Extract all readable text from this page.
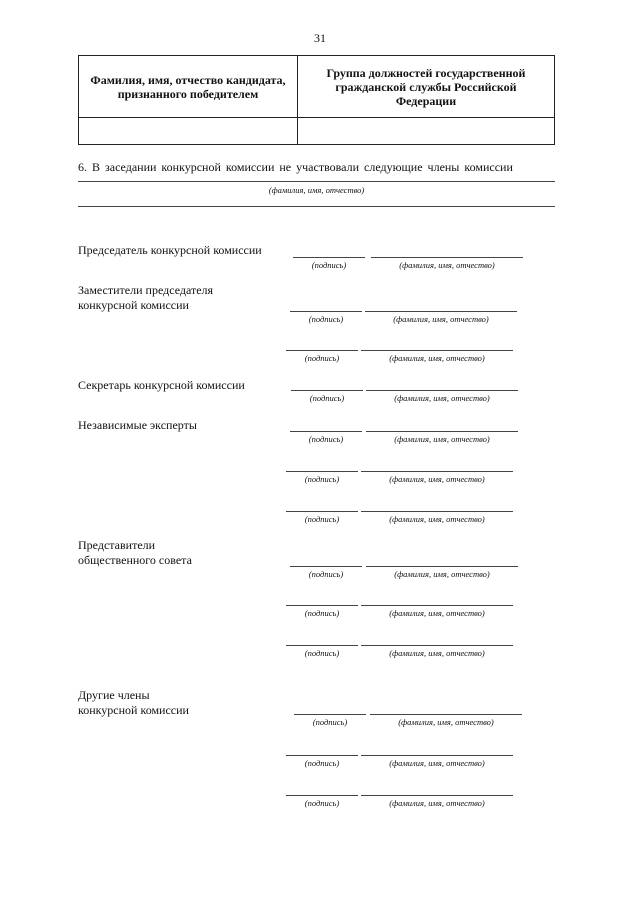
31
Фамилия, имя, отчество кандидата, признанного победителем	Группа должностей государственной гражданской службы Российской Федерации

6. В заседании конкурсной комиссии не участвовали следующие члены комиссии
(фамилия, имя, отчество)
Председатель конкурсной комиссии
(подпись)	(фамилия, имя, отчество)
Заместители председателя
конкурсной комиссии
(подпись)	(фамилия, имя, отчество)
(подпись)	(фамилия, имя, отчество)
Секретарь конкурсной комиссии
(подпись)	(фамилия, имя, отчество)
Независимые эксперты
(подпись)	(фамилия, имя, отчество)
(подпись)	(фамилия, имя, отчество)
(подпись)	(фамилия, имя, отчество)
Представители
общественного совета
(подпись)	(фамилия, имя, отчество)
(подпись)	(фамилия, имя, отчество)
(подпись)	(фамилия, имя, отчество)
Другие члены
конкурсной комиссии
(подпись)	(фамилия, имя, отчество)
(подпись)	(фамилия, имя, отчество)
(подпись)	(фамилия, имя, отчество)
